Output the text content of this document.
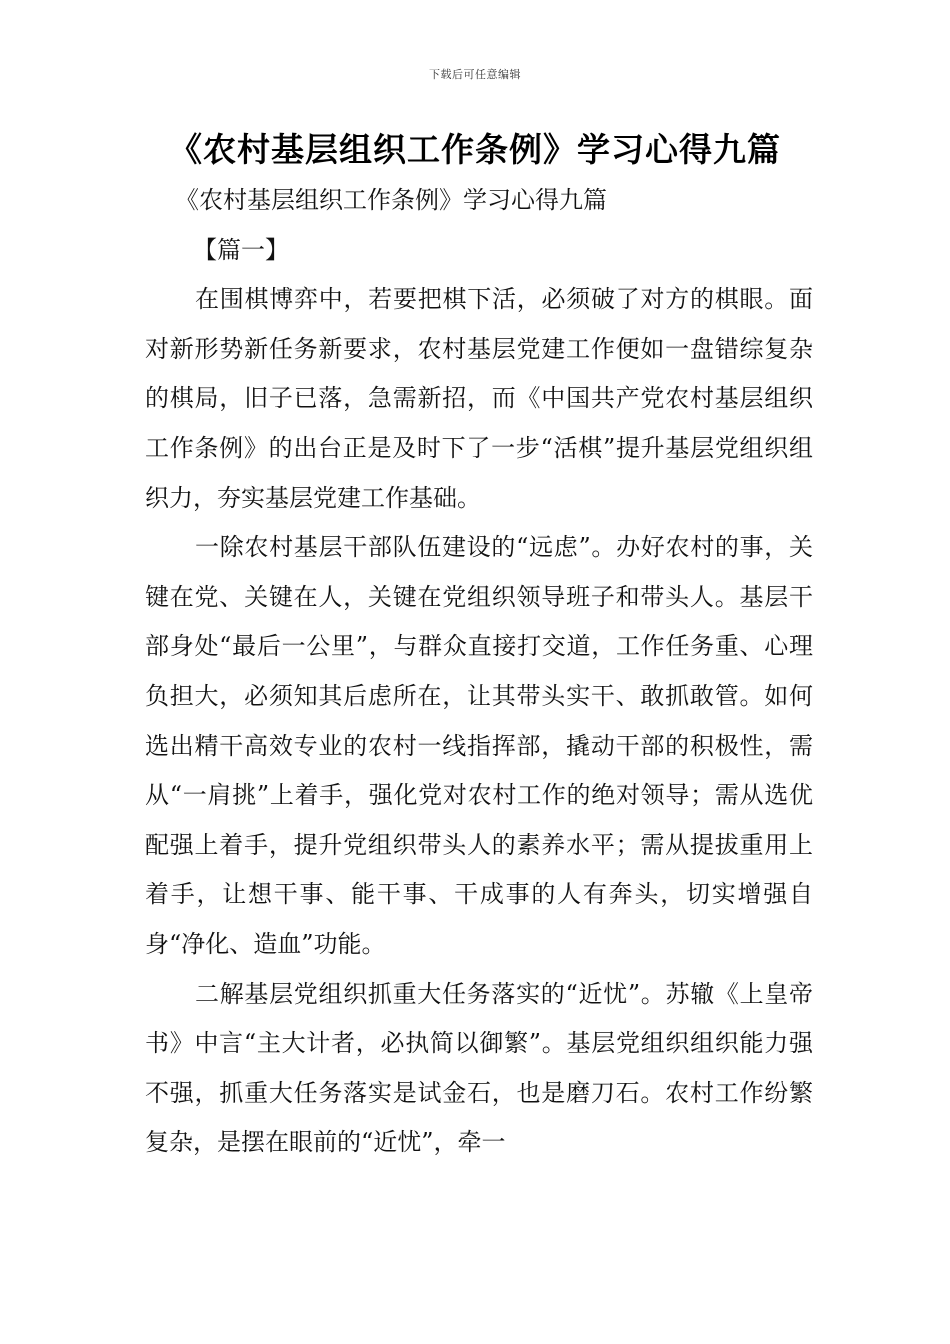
下载后可任意编辑
《农村基层组织工作条例》学习心得九篇

《农村基层组织工作条例》学习心得九篇

【篇一】

在围棋博弈中，若要把棋下活，必须破了对方的棋眼。面对新形势新任务新要求，农村基层党建工作便如一盘错综复杂的棋局，旧子已落，急需新招，而《中国共产党农村基层组织工作条例》的出台正是及时下了一步“活棋”提升基层党组织组织力，夯实基层党建工作基础。

一除农村基层干部队伍建设的“远虑”。办好农村的事，关键在党、关键在人，关键在党组织领导班子和带头人。基层干部身处“最后一公里”，与群众直接打交道，工作任务重、心理负担大，必须知其后虑所在，让其带头实干、敢抓敢管。如何选出精干高效专业的农村一线指挥部，撬动干部的积极性，需从“一肩挑”上着手，强化党对农村工作的绝对领导；需从选优配强上着手，提升党组织带头人的素养水平；需从提拔重用上着手，让想干事、能干事、干成事的人有奔头，切实增强自身“净化、造血”功能。

二解基层党组织抓重大任务落实的“近忧”。苏辙《上皇帝书》中言“主大计者，必执简以御繁”。基层党组织组织能力强不强，抓重大任务落实是试金石，也是磨刀石。农村工作纷繁复杂，是摆在眼前的“近忧”，牵一
